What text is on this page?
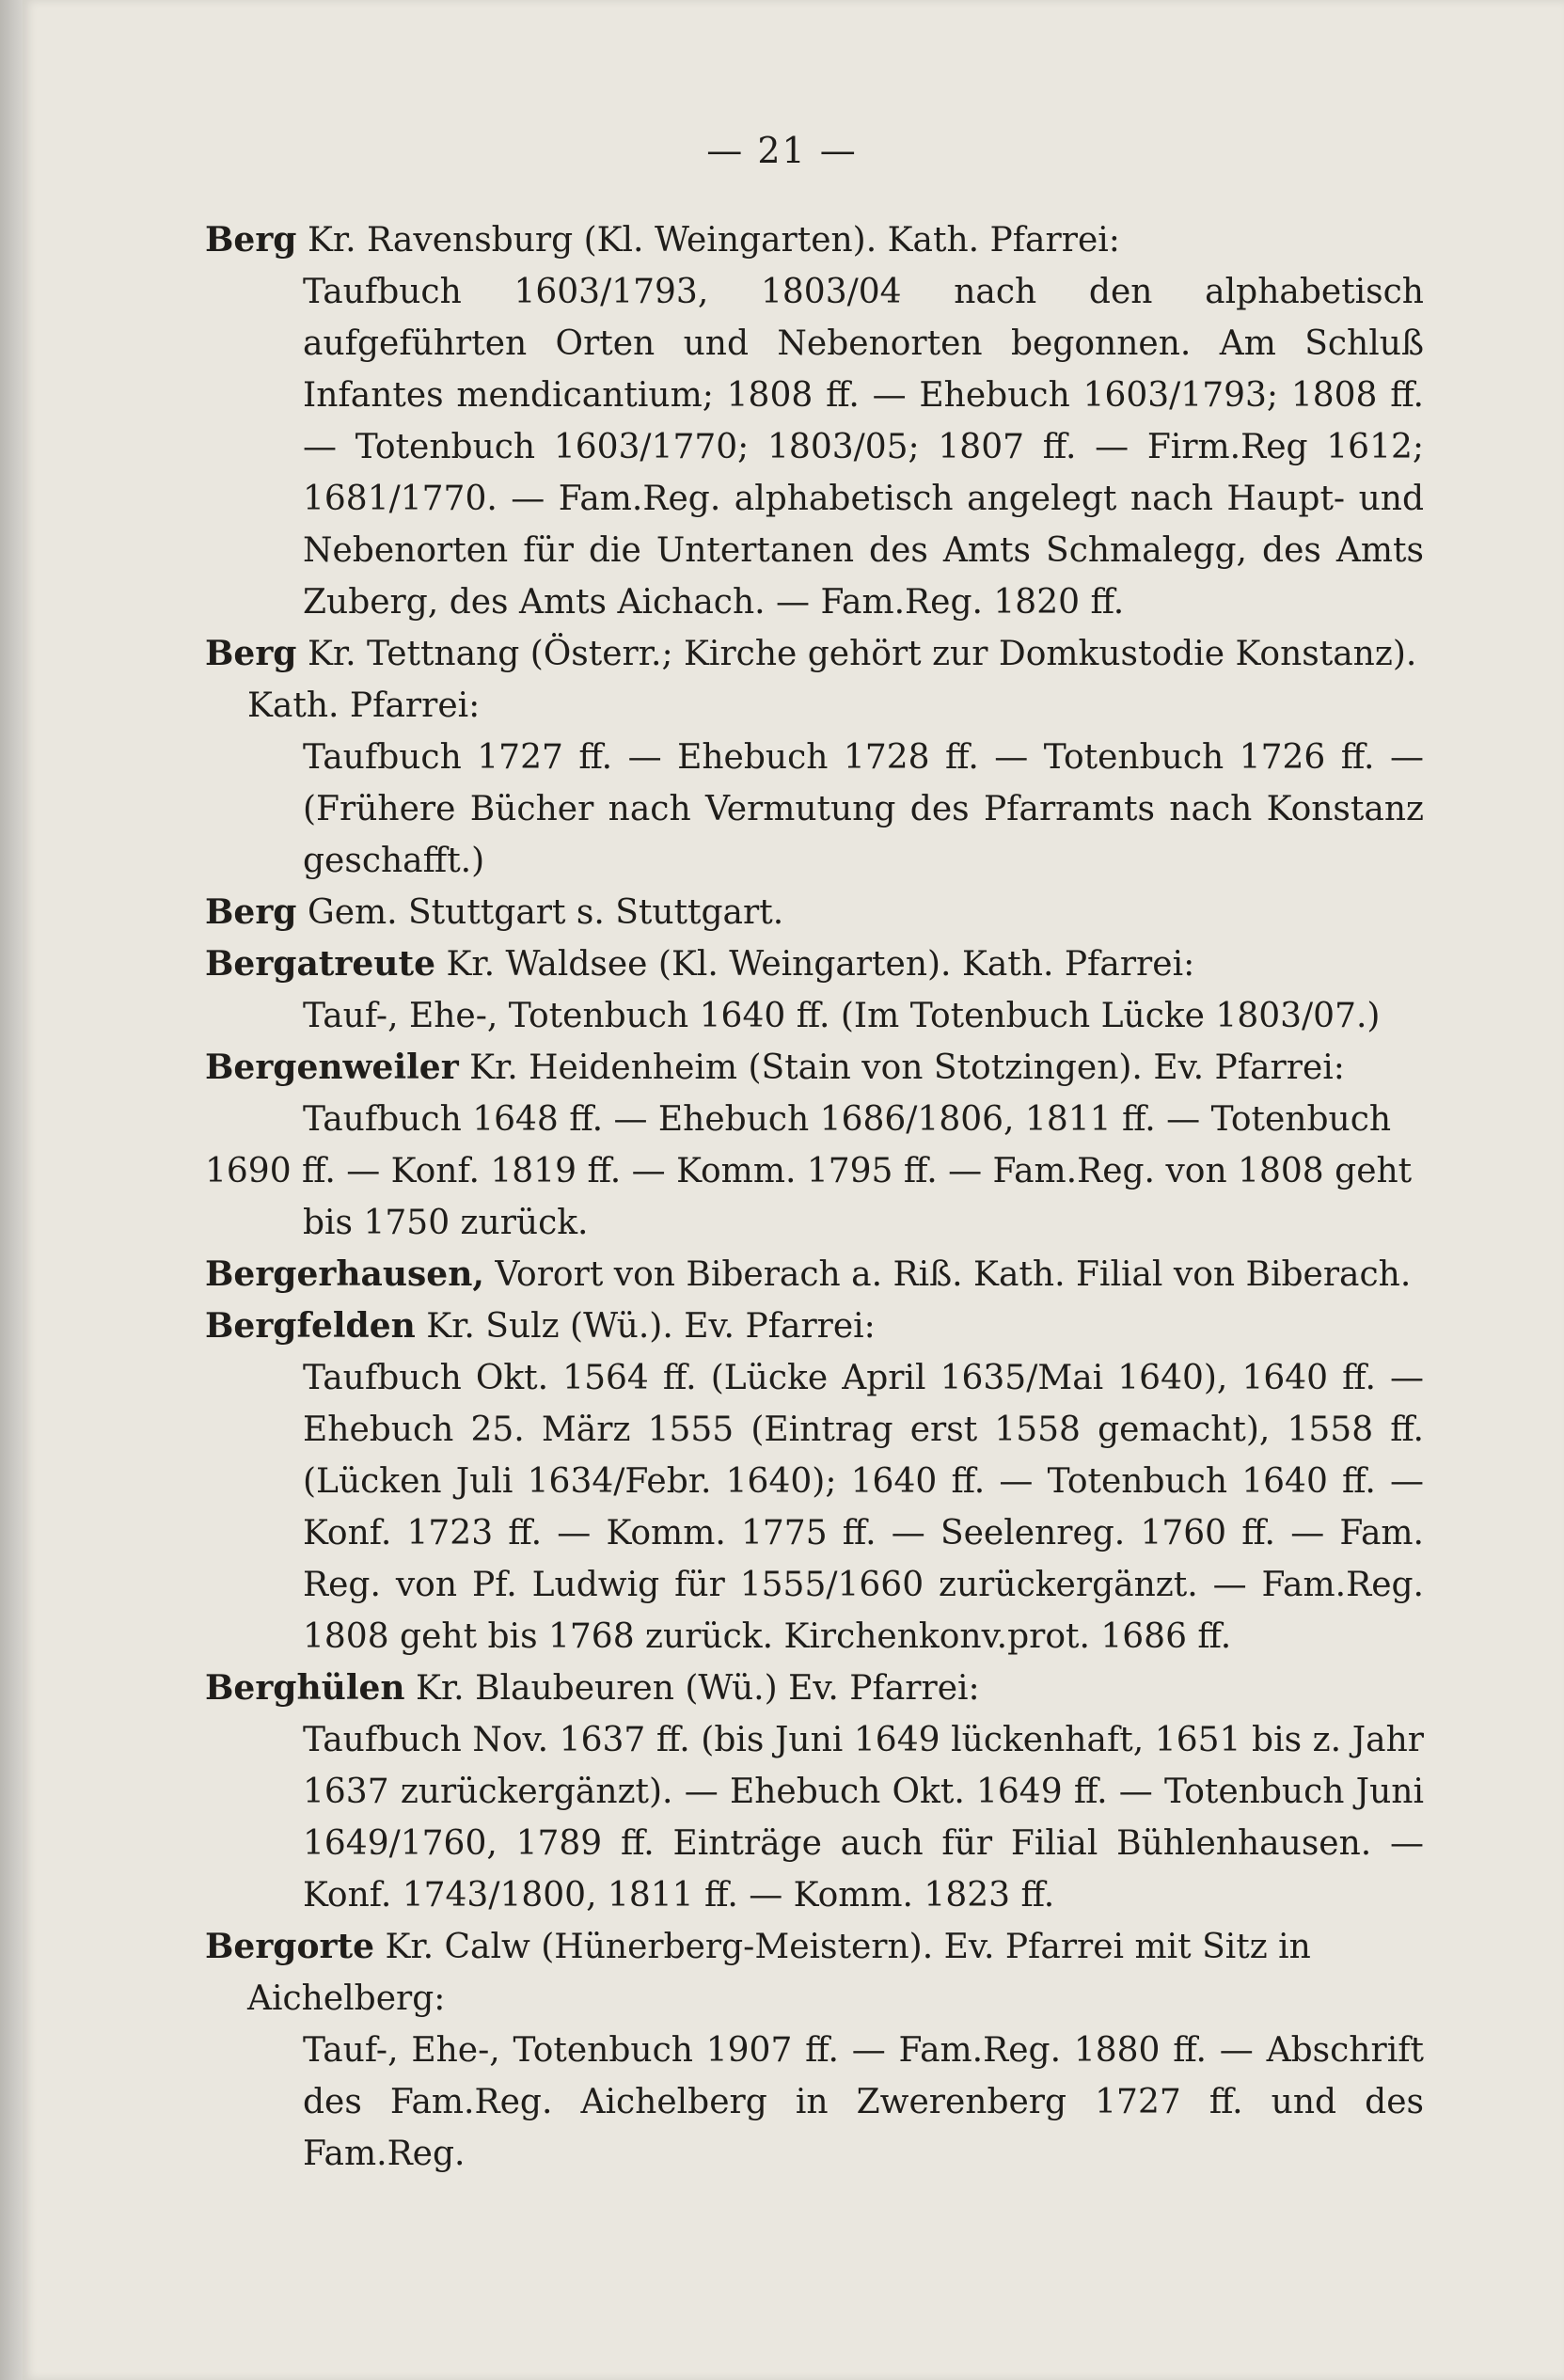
— 21 —
Berg Kr. Ravensburg (Kl. Weingarten). Kath. Pfarrei:
Taufbuch 1603/1793, 1803/04 nach den alphabetisch aufgeführten Orten und Nebenorten begonnen. Am Schluß Infantes mendicantium; 1808 ff. — Ehebuch 1603/1793; 1808 ff. — Totenbuch 1603/1770; 1803/05; 1807 ff. — Firm.Reg 1612; 1681/1770. — Fam.Reg. alphabetisch angelegt nach Haupt- und Nebenorten für die Untertanen des Amts Schmalegg, des Amts Zuberg, des Amts Aichach. — Fam.Reg. 1820 ff.
Berg Kr. Tettnang (Österr.; Kirche gehört zur Domkustodie Konstanz).
Kath. Pfarrei:
Taufbuch 1727 ff. — Ehebuch 1728 ff. — Totenbuch 1726 ff. — (Frühere Bücher nach Vermutung des Pfarramts nach Konstanz geschafft.)
Berg Gem. Stuttgart s. Stuttgart.
Bergatreute Kr. Waldsee (Kl. Weingarten). Kath. Pfarrei:
Tauf-, Ehe-, Totenbuch 1640 ff. (Im Totenbuch Lücke 1803/07.)
Bergenweiler Kr. Heidenheim (Stain von Stotzingen). Ev. Pfarrei:
Taufbuch 1648 ff. — Ehebuch 1686/1806, 1811 ff. — Totenbuch
1690 ff. — Konf. 1819 ff. — Komm. 1795 ff. — Fam.Reg. von 1808 geht
bis 1750 zurück.
Bergerhausen, Vorort von Biberach a. Riß. Kath. Filial von Biberach.
Bergfelden Kr. Sulz (Wü.). Ev. Pfarrei:
Taufbuch Okt. 1564 ff. (Lücke April 1635/Mai 1640), 1640 ff. — Ehebuch 25. März 1555 (Eintrag erst 1558 gemacht), 1558 ff. (Lücken Juli 1634/Febr. 1640); 1640 ff. — Totenbuch 1640 ff. — Konf. 1723 ff. — Komm. 1775 ff. — Seelenreg. 1760 ff. — Fam. Reg. von Pf. Ludwig für 1555/1660 zurückergänzt. — Fam.Reg. 1808 geht bis 1768 zurück. Kirchenkonv.prot. 1686 ff.
Berghülen Kr. Blaubeuren (Wü.) Ev. Pfarrei:
Taufbuch Nov. 1637 ff. (bis Juni 1649 lückenhaft, 1651 bis z. Jahr 1637 zurückergänzt). — Ehebuch Okt. 1649 ff. — Totenbuch Juni 1649/1760, 1789 ff. Einträge auch für Filial Bühlenhausen. — Konf. 1743/1800, 1811 ff. — Komm. 1823 ff.
Bergorte Kr. Calw (Hünerberg-Meistern). Ev. Pfarrei mit Sitz in
Aichelberg:
Tauf-, Ehe-, Totenbuch 1907 ff. — Fam.Reg. 1880 ff. — Abschrift des Fam.Reg. Aichelberg in Zwerenberg 1727 ff. und des Fam.Reg.
